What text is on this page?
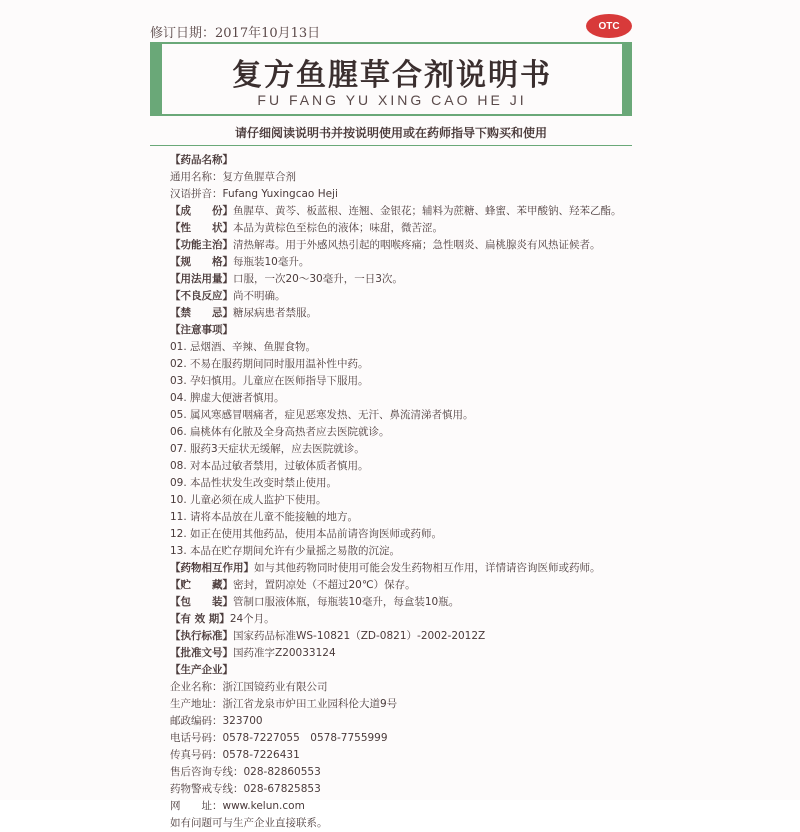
修订日期：2017年10月13日	OTC
复方鱼腥草合剂说明书
FU FANG YU XING CAO HE JI
请仔细阅读说明书并按说明使用或在药师指导下购买和使用
【药品名称】
通用名称：复方鱼腥草合剂
汉语拼音：Fufang Yuxingcao Heji
【成　　份】鱼腥草、黄芩、板蓝根、连翘、金银花；辅料为蔗糖、蜂蜜、苯甲酸钠、羟苯乙酯。
【性　　状】本品为黄棕色至棕色的液体；味甜，微苦涩。
【功能主治】清热解毒。用于外感风热引起的咽喉疼痛；急性咽炎、扁桃腺炎有风热证候者。
【规　　格】每瓶装10毫升。
【用法用量】口服，一次20～30毫升，一日3次。
【不良反应】尚不明确。
【禁　　忌】糖尿病患者禁服。
【注意事项】
01. 忌烟酒、辛辣、鱼腥食物。
02. 不易在服药期间同时服用温补性中药。
03. 孕妇慎用。儿童应在医师指导下服用。
04. 脾虚大便溏者慎用。
05. 属风寒感冒咽痛者，症见恶寒发热、无汗、鼻流清涕者慎用。
06. 扁桃体有化脓及全身高热者应去医院就诊。
07. 服药3天症状无缓解，应去医院就诊。
08. 对本品过敏者禁用，过敏体质者慎用。
09. 本品性状发生改变时禁止使用。
10. 儿童必须在成人监护下使用。
11. 请将本品放在儿童不能接触的地方。
12. 如正在使用其他药品，使用本品前请咨询医师或药师。
13. 本品在贮存期间允许有少量摇之易散的沉淀。
【药物相互作用】如与其他药物同时使用可能会发生药物相互作用，详情请咨询医师或药师。
【贮　　藏】密封，置阴凉处（不超过20℃）保存。
【包　　装】管制口服液体瓶，每瓶装10毫升，每盒装10瓶。
【有 效 期】24个月。
【执行标准】国家药品标准WS-10821（ZD-0821）-2002-2012Z
【批准文号】国药准字Z20033124
【生产企业】
企业名称：浙江国镜药业有限公司
生产地址：浙江省龙泉市炉田工业园科伦大道9号
邮政编码：323700
电话号码：0578-7227055　0578-7755999
传真号码：0578-7226431
售后咨询专线：028-82860553
药物警戒专线：028-67825853
网　　址：www.kelun.com
如有问题可与生产企业直接联系。
